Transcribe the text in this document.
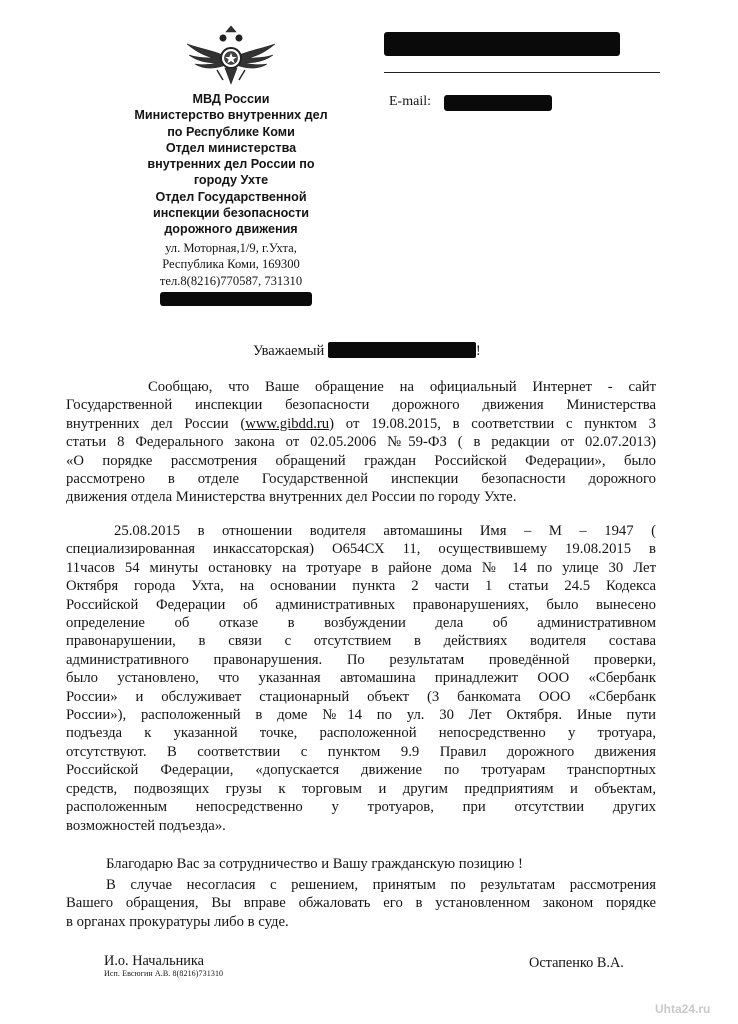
МВД России
Министерство внутренних дел
по Республике Коми
Отдел министерства
внутренних дел России по
городу Ухте
Отдел Государственной
инспекции безопасности
дорожного движения
ул. Моторная,1/9, г.Ухта,
Республика Коми, 169300
тел.8(8216)770587, 731310
E-mail:
Уважаемый	!
Сообщаю, что Ваше обращение на официальный Интернет - сайт
Государственной инспекции безопасности дорожного движения Министерства
внутренних дел России (www.gibdd.ru) от 19.08.2015, в соответствии с пунктом 3
статьи 8 Федерального закона от 02.05.2006 №59-ФЗ ( в редакции от 02.07.2013)
«О порядке рассмотрения обращений граждан Российской Федерации», было
рассмотрено в отделе Государственной инспекции безопасности дорожного
движения отдела Министерства внутренних дел России по городу Ухте.
25.08.2015 в отношении водителя автомашины Имя – М – 1947 (
специализированная инкассаторская) О654СХ 11, осуществившему 19.08.2015 в
11часов 54 минуты остановку на тротуаре в районе дома № 14 по улице 30 Лет
Октября города Ухта, на основании пункта 2 части 1 статьи 24.5 Кодекса
Российской Федерации об административных правонарушениях, было вынесено
определение об отказе в возбуждении дела об административном
правонарушении, в связи с отсутствием в действиях водителя состава
административного правонарушения. По результатам проведённой проверки,
было установлено, что указанная автомашина принадлежит ООО «Сбербанк
России» и обслуживает стационарный объект (3 банкомата ООО «Сбербанк
России»), расположенный в доме №14 по ул. 30 Лет Октября. Иные пути
подъезда к указанной точке, расположенной непосредственно у тротуара,
отсутствуют. В соответствии с пунктом 9.9 Правил дорожного движения
Российской Федерации, «допускается движение по тротуарам транспортных
средств, подвозящих грузы к торговым и другим предприятиям и объектам,
расположенным непосредственно у тротуаров, при отсутствии других
возможностей подъезда».
Благодарю Вас за сотрудничество и Вашу гражданскую позицию !
В случае несогласия с решением, принятым по результатам рассмотрения
Вашего обращения, Вы вправе обжаловать его в установленном законом порядке
в органах прокуратуры либо в суде.
И.о. Начальника
Исп. Евсюгин А.В. 8(8216)731310
Остапенко В.А.
Uhta24.ru
